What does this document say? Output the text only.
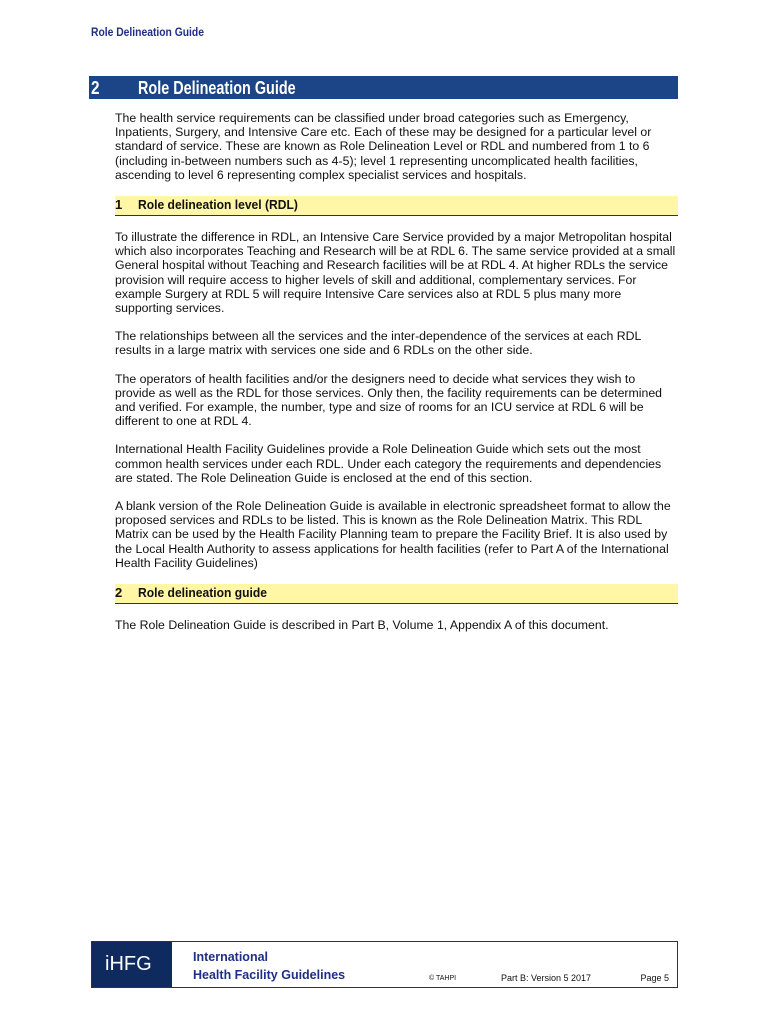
Role Delineation Guide
2 Role Delineation Guide

The health service requirements can be classified under broad categories such as Emergency, Inpatients, Surgery, and Intensive Care etc. Each of these may be designed for a particular level or standard of service. These are known as Role Delineation Level or RDL and numbered from 1 to 6 (including in-between numbers such as 4-5); level 1 representing uncomplicated health facilities, ascending to level 6 representing complex specialist services and hospitals.

1 Role delineation level (RDL)

To illustrate the difference in RDL, an Intensive Care Service provided by a major Metropolitan hospital which also incorporates Teaching and Research will be at RDL 6. The same service provided at a small General hospital without Teaching and Research facilities will be at RDL 4. At higher RDLs the service provision will require access to higher levels of skill and additional, complementary services. For example Surgery at RDL 5 will require Intensive Care services also at RDL 5 plus many more supporting services.

The relationships between all the services and the inter-dependence of the services at each RDL results in a large matrix with services one side and 6 RDLs on the other side.

The operators of health facilities and/or the designers need to decide what services they wish to provide as well as the RDL for those services. Only then, the facility requirements can be determined and verified. For example, the number, type and size of rooms for an ICU service at RDL 6 will be different to one at RDL 4.

International Health Facility Guidelines provide a Role Delineation Guide which sets out the most common health services under each RDL. Under each category the requirements and dependencies are stated. The Role Delineation Guide is enclosed at the end of this section.

A blank version of the Role Delineation Guide is available in electronic spreadsheet format to allow the proposed services and RDLs to be listed. This is known as the Role Delineation Matrix. This RDL Matrix can be used by the Health Facility Planning team to prepare the Facility Brief. It is also used by the Local Health Authority to assess applications for health facilities (refer to Part A of the International Health Facility Guidelines)

2 Role delineation guide

The Role Delineation Guide is described in Part B, Volume 1, Appendix A of this document.

iHFG	International
Health Facility Guidelines	© TAHPI	Part B: Version 5 2017	Page 5
